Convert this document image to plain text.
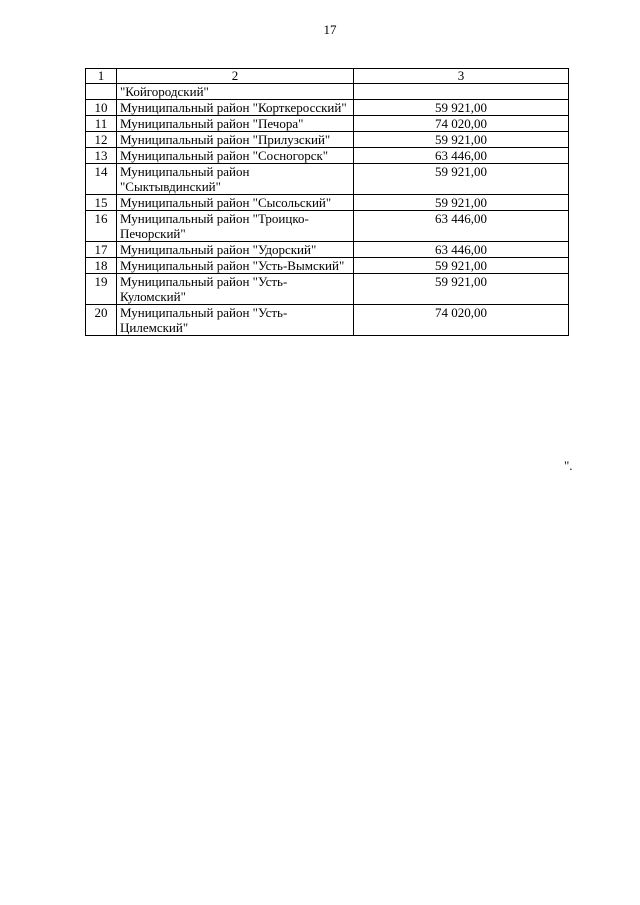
17
1	2	3
	"Койгородский"	
10	Муниципальный район "Корткеросский"	59 921,00
11	Муниципальный район "Печора"	74 020,00
12	Муниципальный район "Прилузский"	59 921,00
13	Муниципальный район "Сосногорск"	63 446,00
14	Муниципальный район "Сыктывдинский"	59 921,00
15	Муниципальный район "Сысольский"	59 921,00
16	Муниципальный район "Троицко-Печорский"	63 446,00
17	Муниципальный район "Удорский"	63 446,00
18	Муниципальный район "Усть-Вымский"	59 921,00
19	Муниципальный район "Усть-Куломский"	59 921,00
20	Муниципальный район "Усть-Цилемский"	74 020,00
".
